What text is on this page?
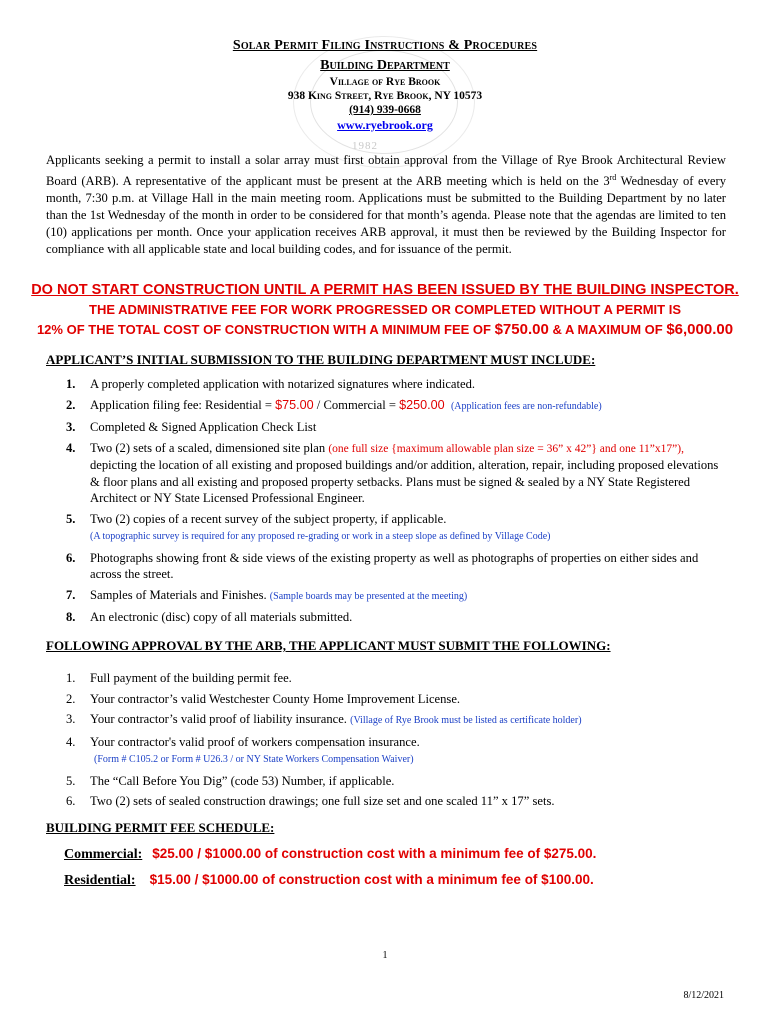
1982
Solar Permit Filing Instructions & Procedures
Building Department
Village of Rye Brook
938 King Street, Rye Brook, NY 10573
(914) 939-0668
www.ryebrook.org
Applicants seeking a permit to install a solar array must first obtain approval from the Village of Rye Brook Architectural Review Board (ARB). A representative of the applicant must be present at the ARB meeting which is held on the 3rd Wednesday of every month, 7:30 p.m. at Village Hall in the main meeting room. Applications must be submitted to the Building Department by no later than the 1st Wednesday of the month in order to be considered for that month’s agenda. Please note that the agendas are limited to ten (10) applications per month. Once your application receives ARB approval, it must then be reviewed by the Building Inspector for compliance with all applicable state and local building codes, and for issuance of the permit.
DO NOT START CONSTRUCTION UNTIL A PERMIT HAS BEEN ISSUED BY THE BUILDING INSPECTOR.
THE ADMINISTRATIVE FEE FOR WORK PROGRESSED OR COMPLETED WITHOUT A PERMIT IS
12% OF THE TOTAL COST OF CONSTRUCTION WITH A MINIMUM FEE OF $750.00 & A MAXIMUM OF $6,000.00
APPLICANT’S INITIAL SUBMISSION TO THE BUILDING DEPARTMENT MUST INCLUDE:
1. A properly completed application with notarized signatures where indicated.
2. Application filing fee: Residential = $75.00 / Commercial = $250.00 (Application fees are non-refundable)
3. Completed & Signed Application Check List
4. Two (2) sets of a scaled, dimensioned site plan (one full size {maximum allowable plan size = 36” x 42”} and one 11”x17”), depicting the location of all existing and proposed buildings and/or addition, alteration, repair, including proposed elevations & floor plans and all existing and proposed property setbacks. Plans must be signed & sealed by a NY State Registered Architect or NY State Licensed Professional Engineer.
5. Two (2) copies of a recent survey of the subject property, if applicable.
(A topographic survey is required for any proposed re-grading or work in a steep slope as defined by Village Code)
6. Photographs showing front & side views of the existing property as well as photographs of properties on either sides and across the street.
7. Samples of Materials and Finishes. (Sample boards may be presented at the meeting)
8. An electronic (disc) copy of all materials submitted.
FOLLOWING APPROVAL BY THE ARB, THE APPLICANT MUST SUBMIT THE FOLLOWING:
1. Full payment of the building permit fee.
2. Your contractor’s valid Westchester County Home Improvement License.
3. Your contractor’s valid proof of liability insurance. (Village of Rye Brook must be listed as certificate holder)
4. Your contractor's valid proof of workers compensation insurance.
(Form # C105.2 or Form # U26.3 / or NY State Workers Compensation Waiver)
5. The “Call Before You Dig” (code 53) Number, if applicable.
6. Two (2) sets of sealed construction drawings; one full size set and one scaled 11” x 17” sets.
BUILDING PERMIT FEE SCHEDULE:
Commercial: $25.00 / $1000.00 of construction cost with a minimum fee of $275.00.
Residential: $15.00 / $1000.00 of construction cost with a minimum fee of $100.00.
1
8/12/2021
